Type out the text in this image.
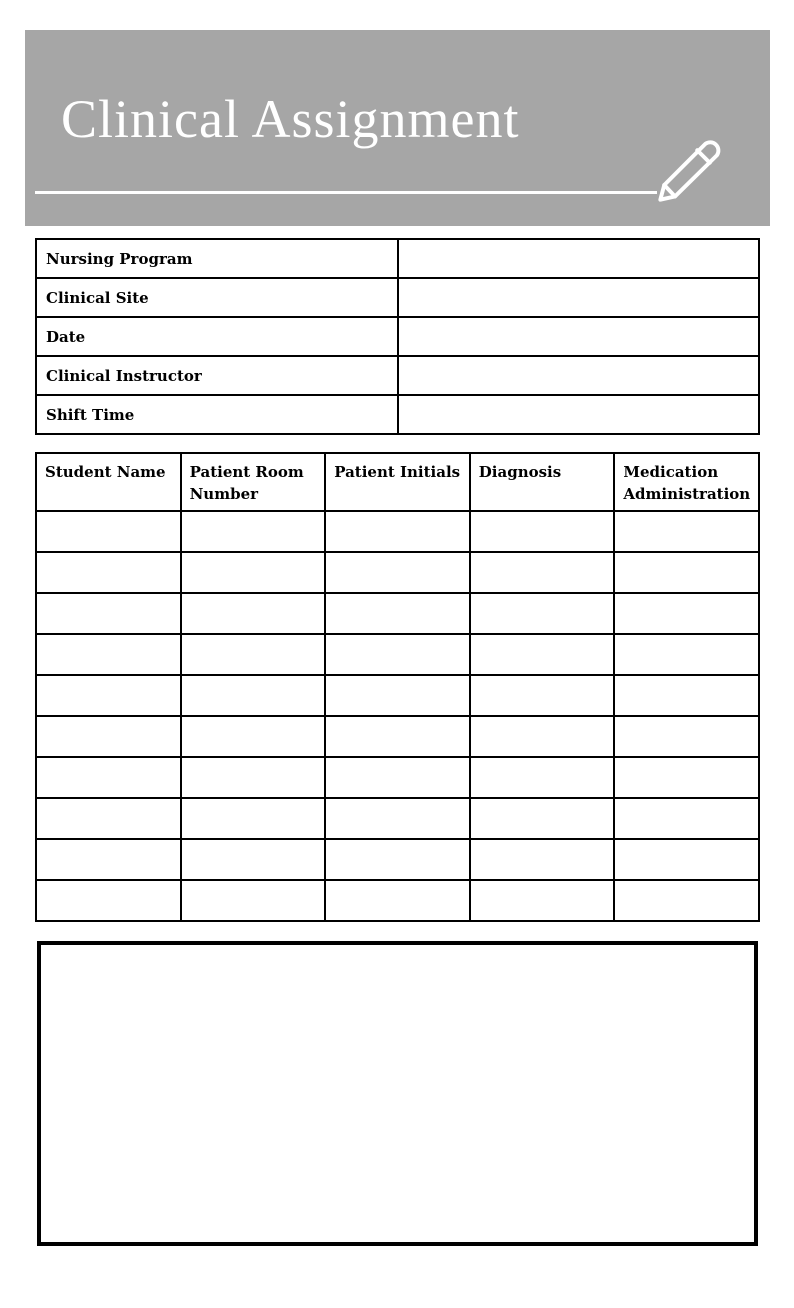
Clinical Assignment
Nursing Program	
Clinical Site	
Date	
Clinical Instructor	
Shift Time	
Student Name	Patient Room Number	Patient Initials	Diagnosis	Medication Administration
